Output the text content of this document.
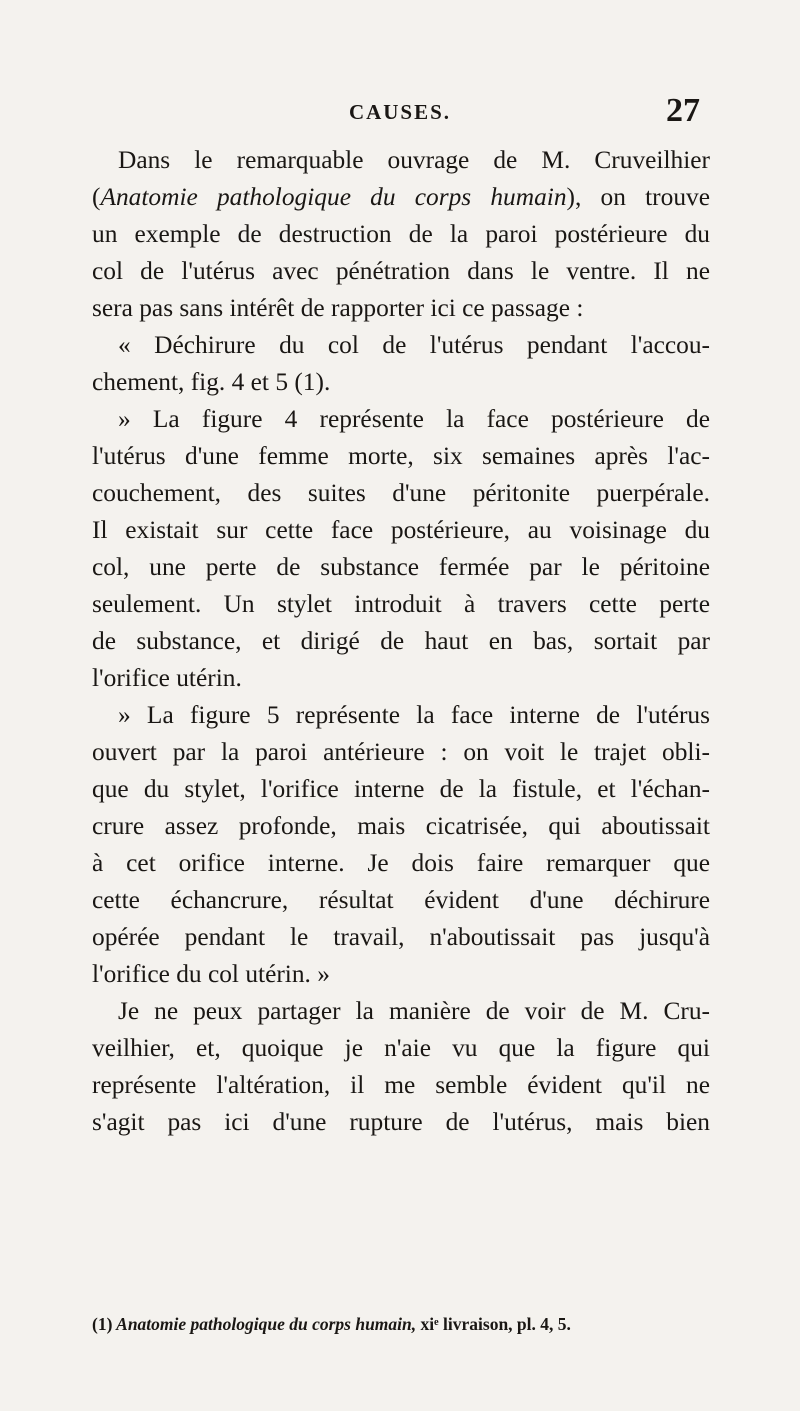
CAUSES.	27
Dans le remarquable ouvrage de M. Cruveilhier
(Anatomie pathologique du corps humain), on trouve
un exemple de destruction de la paroi postérieure du
col de l'utérus avec pénétration dans le ventre. Il ne
sera pas sans intérêt de rapporter ici ce passage :
« Déchirure du col de l'utérus pendant l'accou-
chement, fig. 4 et 5 (1).
» La figure 4 représente la face postérieure de
l'utérus d'une femme morte, six semaines après l'ac-
couchement, des suites d'une péritonite puerpérale.
Il existait sur cette face postérieure, au voisinage du
col, une perte de substance fermée par le péritoine
seulement. Un stylet introduit à travers cette perte
de substance, et dirigé de haut en bas, sortait par
l'orifice utérin.
» La figure 5 représente la face interne de l'utérus
ouvert par la paroi antérieure : on voit le trajet obli-
que du stylet, l'orifice interne de la fistule, et l'échan-
crure assez profonde, mais cicatrisée, qui aboutissait
à cet orifice interne. Je dois faire remarquer que
cette échancrure, résultat évident d'une déchirure
opérée pendant le travail, n'aboutissait pas jusqu'à
l'orifice du col utérin. »
Je ne peux partager la manière de voir de M. Cru-
veilhier, et, quoique je n'aie vu que la figure qui
représente l'altération, il me semble évident qu'il ne
s'agit pas ici d'une rupture de l'utérus, mais bien
(1) Anatomie pathologique du corps humain, xiᵉ livraison, pl. 4, 5.
